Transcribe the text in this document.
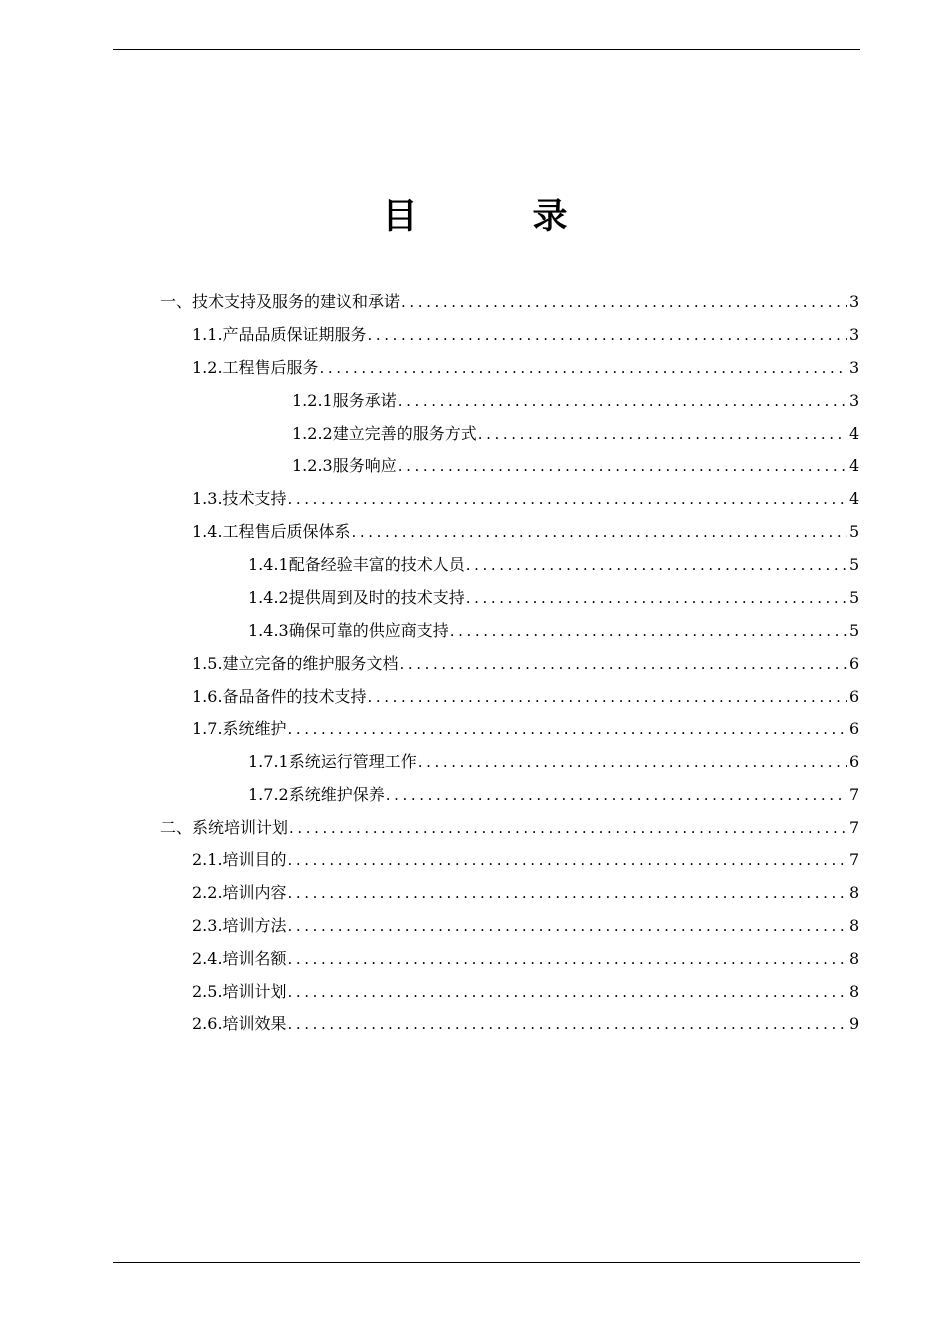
目　录
一、 技术支持及服务的建议和承诺 .....	3
1.1. 产品品质保证期服务 .....	3
1.2. 工程售后服务 .....	3
1.2.1 服务承诺 .....	3
1.2.2 建立完善的服务方式 .....	4
1.2.3 服务响应 .....	4
1.3. 技术支持 .....	4
1.4. 工程售后质保体系 .....	5
1.4.1 配备经验丰富的技术人员 .....	5
1.4.2 提供周到及时的技术支持 .....	5
1.4.3 确保可靠的供应商支持 .....	5
1.5. 建立完备的维护服务文档 .....	6
1.6. 备品备件的技术支持 .....	6
1.7. 系统维护 .....	6
1.7.1 系统运行管理工作 .....	6
1.7.2 系统维护保养 .....	7
二、 系统培训计划 .....	7
2.1. 培训目的 .....	7
2.2. 培训内容 .....	8
2.3. 培训方法 .....	8
2.4. 培训名额 .....	8
2.5. 培训计划 .....	8
2.6. 培训效果 .....	9
